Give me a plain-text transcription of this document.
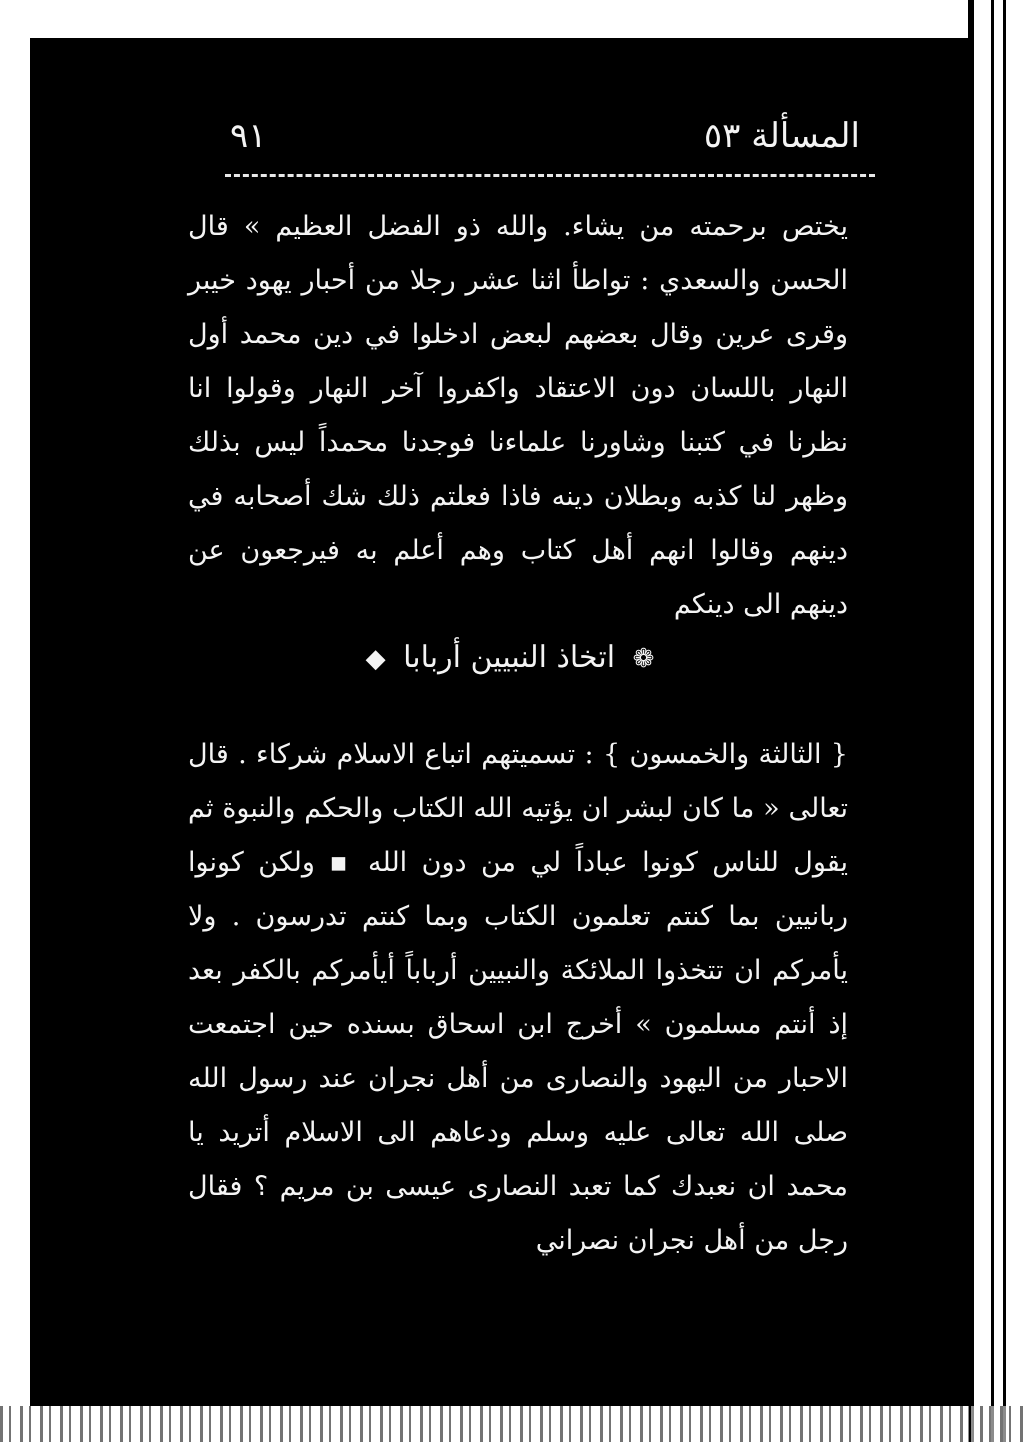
٩١	المسألة ٥٣

يختص برحمته من يشاء. والله ذو الفضل العظيم » قال الحسن والسعدي : تواطأ اثنا عشر رجلا من أحبار يهود خيبر وقرى عرين وقال بعضهم لبعض ادخلوا في دين محمد أول النهار باللسان دون الاعتقاد واكفروا آخر النهار وقولوا انا نظرنا في كتبنا وشاورنا علماءنا فوجدنا محمداً ليس بذلك وظهر لنا كذبه وبطلان دينه فاذا فعلتم ذلك شك أصحابه في دينهم وقالوا انهم أهل كتاب وهم أعلم به فيرجعون عن دينهم الى دينكم

❁ اتخاذ النبيين أربابا ◆

{ الثالثة والخمسون } : تسميتهم اتباع الاسلام شركاء . قال تعالى « ما كان لبشر ان يؤتيه الله الكتاب والحكم والنبوة ثم يقول للناس كونوا عباداً لي من دون الله ▪ ولكن كونوا ربانيين بما كنتم تعلمون الكتاب وبما كنتم تدرسون . ولا يأمركم ان تتخذوا الملائكة والنبيين أرباباً أيأمركم بالكفر بعد إذ أنتم مسلمون » أخرج ابن اسحاق بسنده حين اجتمعت الاحبار من اليهود والنصارى من أهل نجران عند رسول الله صلى الله تعالى عليه وسلم ودعاهم الى الاسلام أتريد يا محمد ان نعبدك كما تعبد النصارى عيسى بن مريم ؟ فقال رجل من أهل نجران نصراني
